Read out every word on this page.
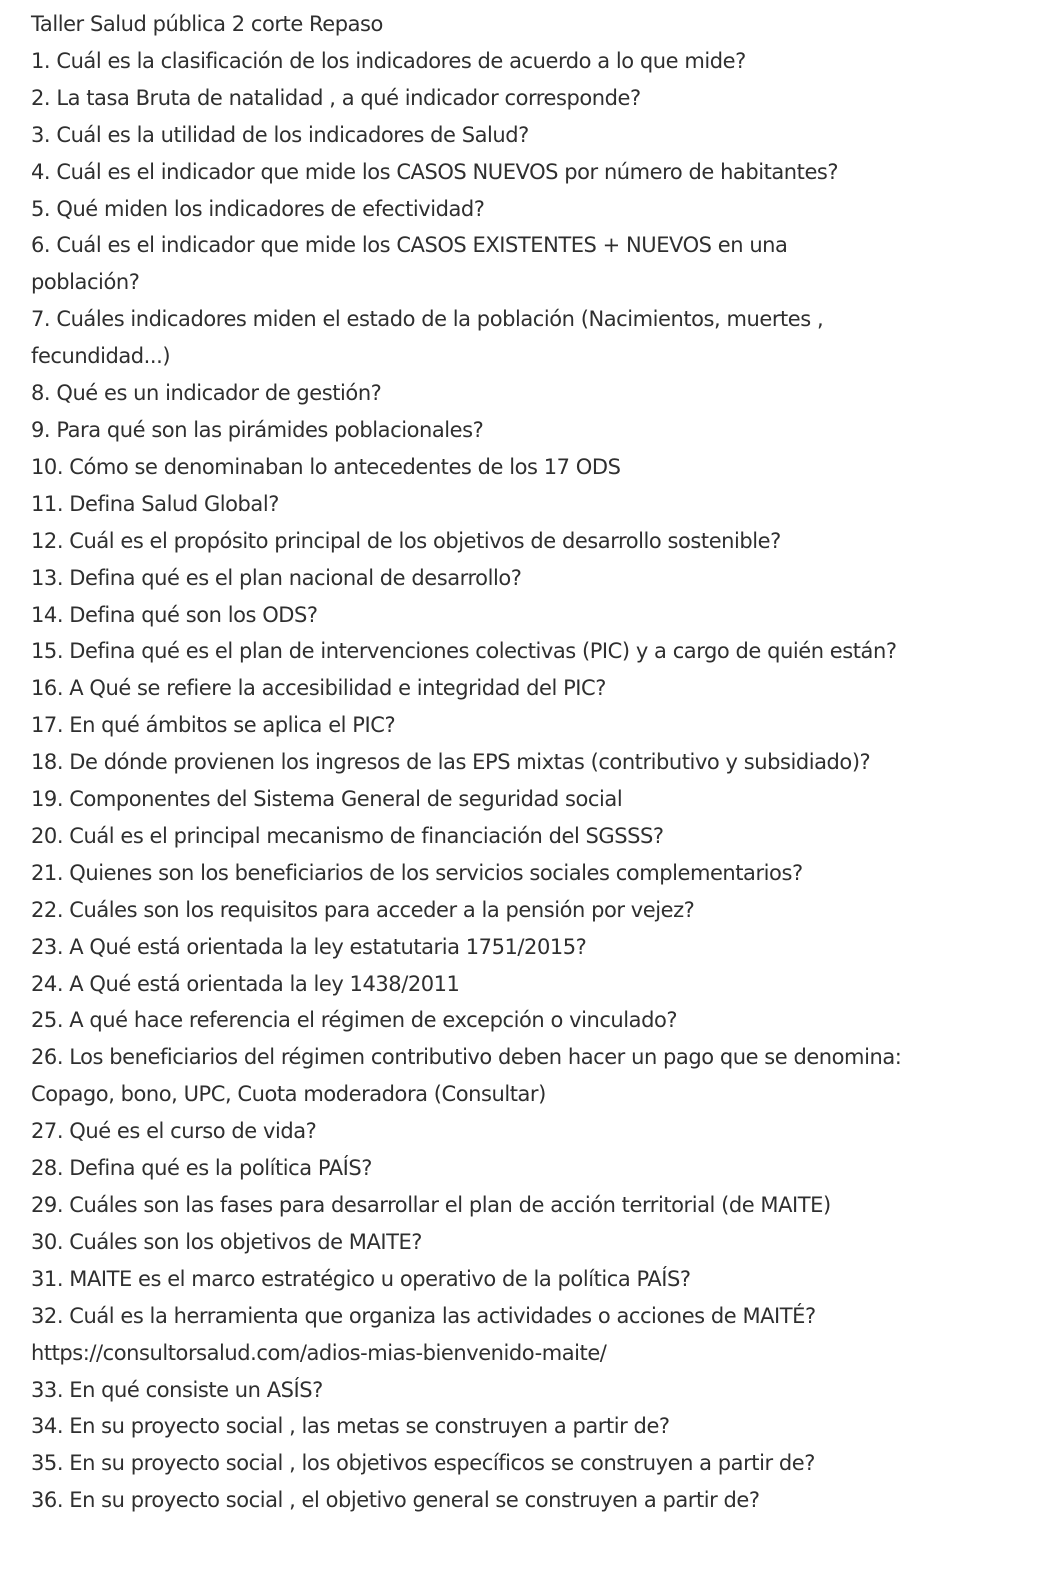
Taller Salud pública 2 corte Repaso
1. Cuál es la clasificación de los indicadores de acuerdo a lo que mide?
2. La tasa Bruta de natalidad , a qué indicador corresponde?
3. Cuál es la utilidad de los indicadores de Salud?
4. Cuál es el indicador que mide los CASOS NUEVOS por número de habitantes?
5. Qué miden los indicadores de efectividad?
6. Cuál es el indicador que mide los CASOS EXISTENTES + NUEVOS en una
población?
7. Cuáles indicadores miden el estado de la población (Nacimientos, muertes ,
fecundidad...)
8. Qué es un indicador de gestión?
9. Para qué son las pirámides poblacionales?
10. Cómo se denominaban lo antecedentes de los 17 ODS
11. Defina Salud Global?
12. Cuál es el propósito principal de los objetivos de desarrollo sostenible?
13. Defina qué es el plan nacional de desarrollo?
14. Defina qué son los ODS?
15. Defina qué es el plan de intervenciones colectivas (PIC) y a cargo de quién están?
16. A Qué se refiere la accesibilidad e integridad del PIC?
17. En qué ámbitos se aplica el PIC?
18. De dónde provienen los ingresos de las EPS mixtas (contributivo y subsidiado)?
19. Componentes del Sistema General de seguridad social
20. Cuál es el principal mecanismo de financiación del SGSSS?
21. Quienes son los beneficiarios de los servicios sociales complementarios?
22. Cuáles son los requisitos para acceder a la pensión por vejez?
23. A Qué está orientada la ley estatutaria 1751/2015?
24. A Qué está orientada la ley 1438/2011
25. A qué hace referencia el régimen de excepción o vinculado?
26. Los beneficiarios del régimen contributivo deben hacer un pago que se denomina:
Copago, bono, UPC, Cuota moderadora (Consultar)
27. Qué es el curso de vida?
28. Defina qué es la política PAÍS?
29. Cuáles son las fases para desarrollar el plan de acción territorial (de MAITE)
30. Cuáles son los objetivos de MAITE?
31. MAITE es el marco estratégico u operativo de la política PAÍS?
32. Cuál es la herramienta que organiza las actividades o acciones de MAITÉ?
https://consultorsalud.com/adios-mias-bienvenido-maite/
33. En qué consiste un ASÍS?
34. En su proyecto social , las metas se construyen a partir de?
35. En su proyecto social , los objetivos específicos se construyen a partir de?
36. En su proyecto social , el objetivo general se construyen a partir de?
